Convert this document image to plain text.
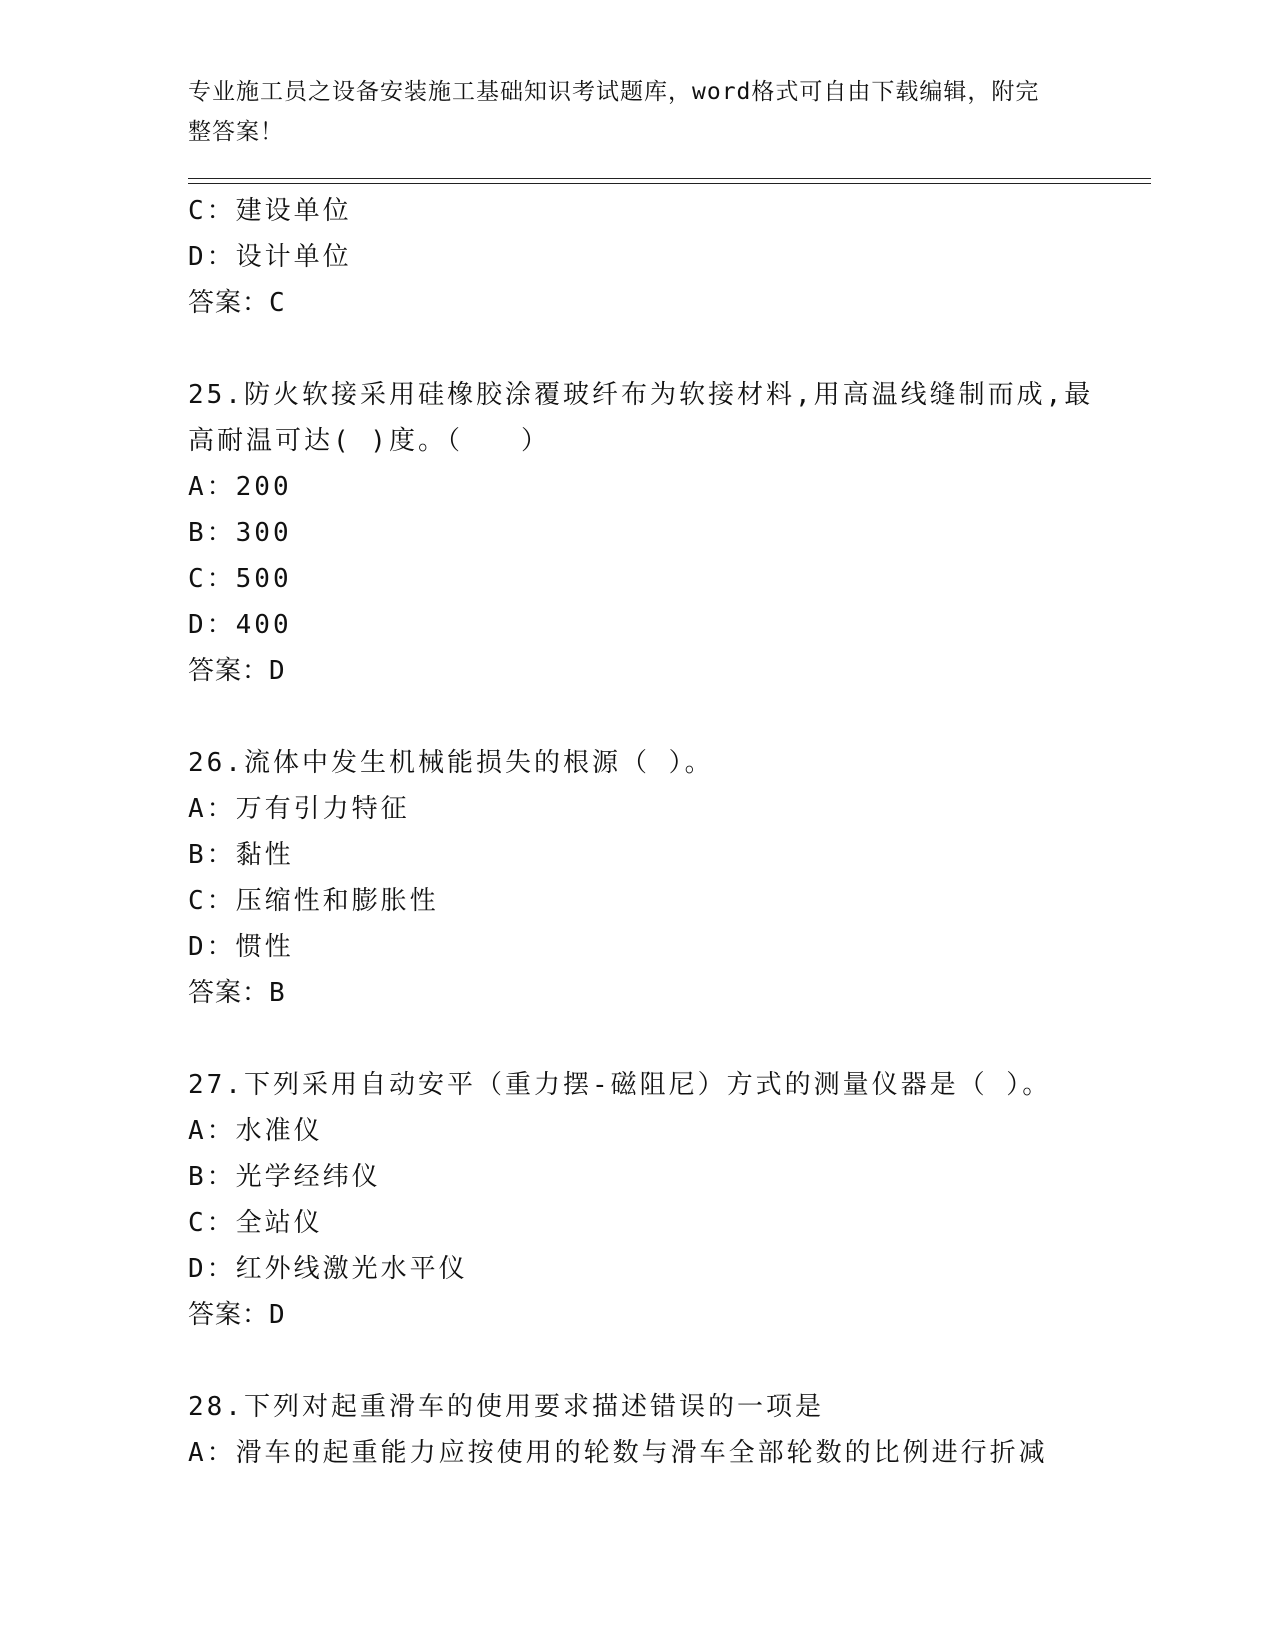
专业施工员之设备安装施工基础知识考试题库，word格式可自由下载编辑，附完
整答案！
C：建设单位
D：设计单位
答案：C
25.防火软接采用硅橡胶涂覆玻纤布为软接材料,用高温线缝制而成,最
高耐温可达( )度。（　　）
A：200
B：300
C：500
D：400
答案：D
26.流体中发生机械能损失的根源（ ）。
A：万有引力特征
B：黏性
C：压缩性和膨胀性
D：惯性
答案：B
27.下列采用自动安平（重力摆-磁阻尼）方式的测量仪器是（ ）。
A：水准仪
B：光学经纬仪
C：全站仪
D：红外线激光水平仪
答案：D
28.下列对起重滑车的使用要求描述错误的一项是
A：滑车的起重能力应按使用的轮数与滑车全部轮数的比例进行折减
